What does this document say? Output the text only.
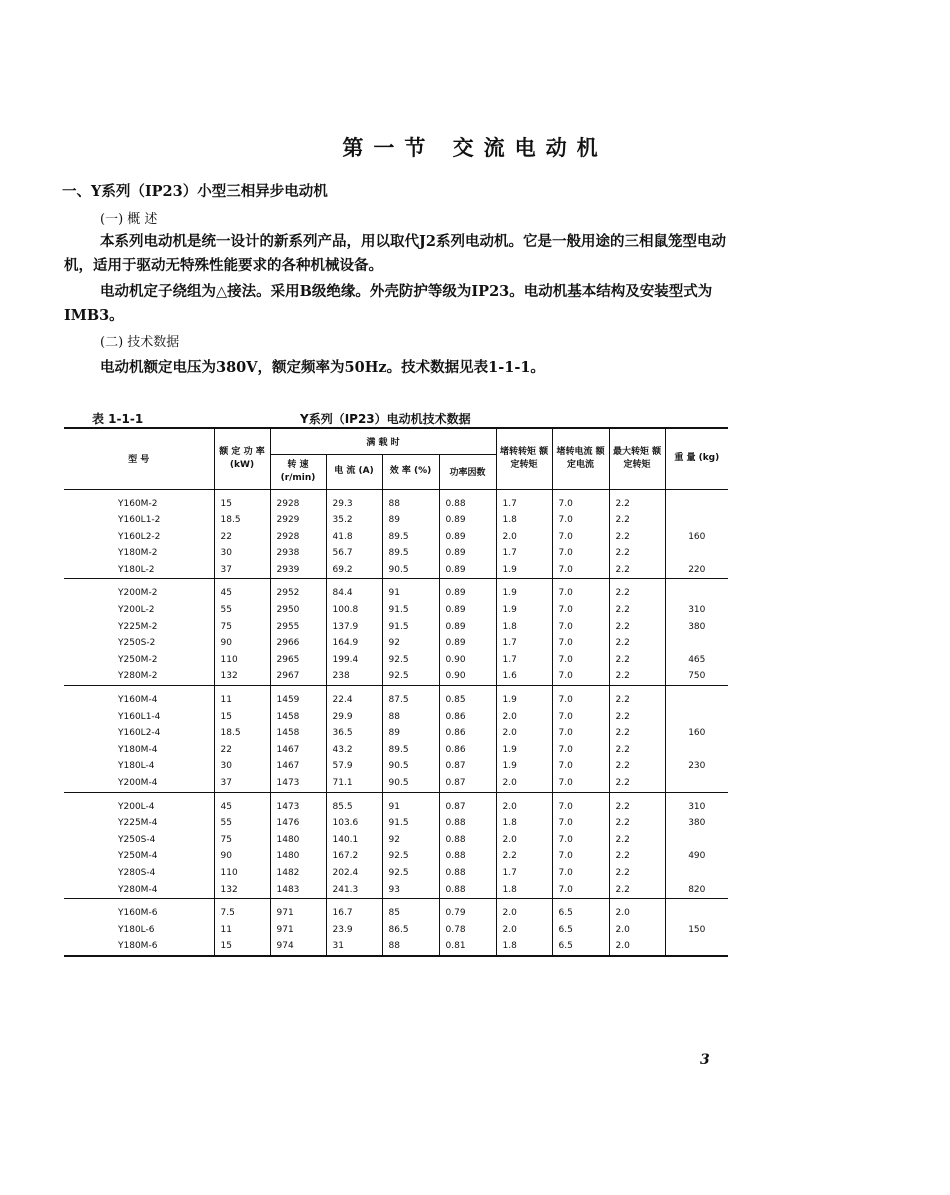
第一节 交流电动机
一、Y系列（IP23）小型三相异步电动机
(一) 概 述
本系列电动机是统一设计的新系列产品，用以取代J2系列电动机。它是一般用途的三相鼠笼型电动机，适用于驱动无特殊性能要求的各种机械设备。
电动机定子绕组为△接法。采用B级绝缘。外壳防护等级为IP23。电动机基本结构及安装型式为IMB3。
(二) 技术数据
电动机额定电压为380V，额定频率为50Hz。技术数据见表1-1-1。
表 1-1-1	Y系列（IP23）电动机技术数据
型 号	额 定 功 率 (kW)	满 载 时				堵转转矩 额定转矩	堵转电流 额定电流	最大转矩 额定转矩	重 量 (kg)
		转 速 (r/min)	电 流 (A)	效 率 (%)	功率因数				
Y160M-2	15	2928	29.3	88	0.88	1.7	7.0	2.2	
Y160L1-2	18.5	2929	35.2	89	0.89	1.8	7.0	2.2	
Y160L2-2	22	2928	41.8	89.5	0.89	2.0	7.0	2.2	160
Y180M-2	30	2938	56.7	89.5	0.89	1.7	7.0	2.2	
Y180L-2	37	2939	69.2	90.5	0.89	1.9	7.0	2.2	220
Y200M-2	45	2952	84.4	91	0.89	1.9	7.0	2.2	
Y200L-2	55	2950	100.8	91.5	0.89	1.9	7.0	2.2	310
Y225M-2	75	2955	137.9	91.5	0.89	1.8	7.0	2.2	380
Y250S-2	90	2966	164.9	92	0.89	1.7	7.0	2.2	
Y250M-2	110	2965	199.4	92.5	0.90	1.7	7.0	2.2	465
Y280M-2	132	2967	238	92.5	0.90	1.6	7.0	2.2	750
Y160M-4	11	1459	22.4	87.5	0.85	1.9	7.0	2.2	
Y160L1-4	15	1458	29.9	88	0.86	2.0	7.0	2.2	
Y160L2-4	18.5	1458	36.5	89	0.86	2.0	7.0	2.2	160
Y180M-4	22	1467	43.2	89.5	0.86	1.9	7.0	2.2	
Y180L-4	30	1467	57.9	90.5	0.87	1.9	7.0	2.2	230
Y200M-4	37	1473	71.1	90.5	0.87	2.0	7.0	2.2	
Y200L-4	45	1473	85.5	91	0.87	2.0	7.0	2.2	310
Y225M-4	55	1476	103.6	91.5	0.88	1.8	7.0	2.2	380
Y250S-4	75	1480	140.1	92	0.88	2.0	7.0	2.2	
Y250M-4	90	1480	167.2	92.5	0.88	2.2	7.0	2.2	490
Y280S-4	110	1482	202.4	92.5	0.88	1.7	7.0	2.2	
Y280M-4	132	1483	241.3	93	0.88	1.8	7.0	2.2	820
Y160M-6	7.5	971	16.7	85	0.79	2.0	6.5	2.0	
Y180L-6	11	971	23.9	86.5	0.78	2.0	6.5	2.0	150
Y180M-6	15	974	31	88	0.81	1.8	6.5	2.0	
3
